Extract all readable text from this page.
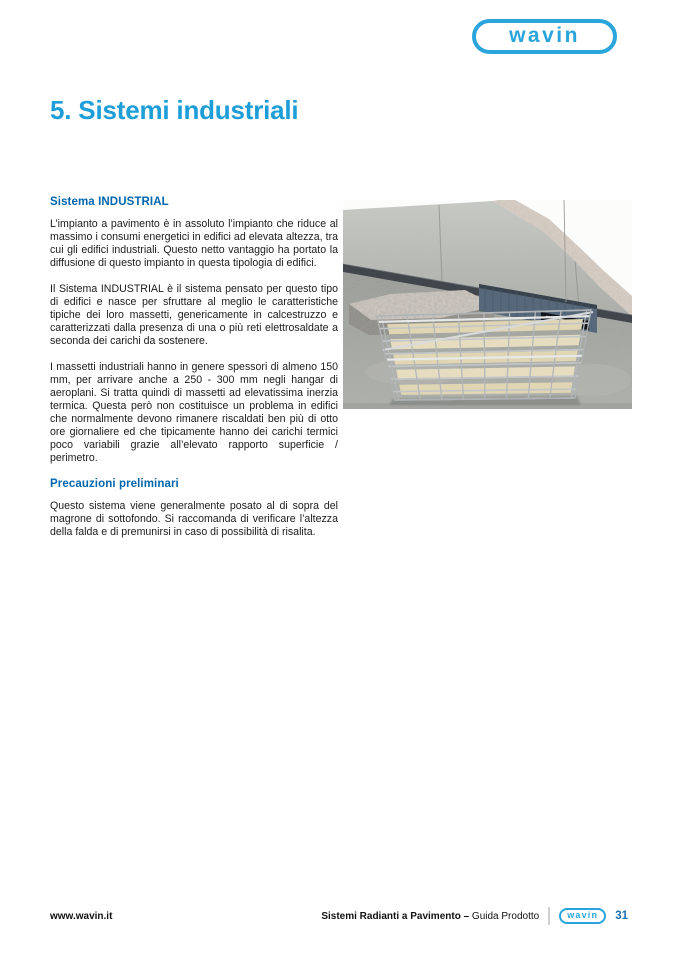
wavin
5. Sistemi industriali
Sistema INDUSTRIAL

L’impianto a pavimento è in assoluto l’impianto che riduce al massimo i consumi energetici in edifici ad elevata altezza, tra cui gli edifici industriali. Questo netto vantaggio ha portato la diffusione di questo impianto in questa tipologia di edifici.

Il Sistema INDUSTRIAL è il sistema pensato per questo tipo di edifici e nasce per sfruttare al meglio le caratteristiche tipiche dei loro massetti, genericamente in calcestruzzo e caratterizzati dalla presenza di una o più reti elettrosaldate a seconda dei carichi da sostenere.

I massetti industriali hanno in genere spessori di almeno 150 mm, per arrivare anche a 250 - 300 mm negli hangar di aeroplani. Si tratta quindi di massetti ad elevatissima inerzia termica. Questa però non costituisce un problema in edifici che normalmente devono rimanere riscaldati ben più di otto ore giornaliere ed che tipicamente hanno dei carichi termici poco variabili grazie all’elevato rapporto superficie / perimetro.

Precauzioni preliminari

Questo sistema viene generalmente posato al di sopra del magrone di sottofondo. Si raccomanda di verificare l’altezza della falda e di premunirsi in caso di possibilità di risalita.

www.wavin.it	Sistemi Radianti a Pavimento – Guida Prodotto	wavin	31
